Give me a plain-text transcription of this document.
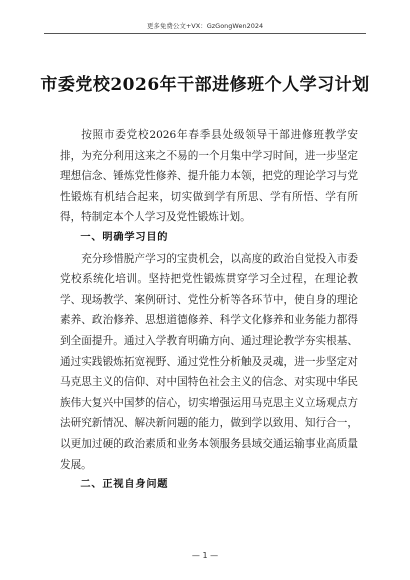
更多免费公文+VX：GzGongWen2024
市委党校2026年干部进修班个人学习计划

按照市委党校2026年春季县处级领导干部进修班教学安排，为充分利用这来之不易的一个月集中学习时间，进一步坚定理想信念、锤炼党性修养、提升能力本领，把党的理论学习与党性锻炼有机结合起来，切实做到学有所思、学有所悟、学有所得，特制定本个人学习及党性锻炼计划。

一、明确学习目的

充分珍惜脱产学习的宝贵机会，以高度的政治自觉投入市委党校系统化培训。坚持把党性锻炼贯穿学习全过程，在理论教学、现场教学、案例研讨、党性分析等各环节中，使自身的理论素养、政治修养、思想道德修养、科学文化修养和业务能力都得到全面提升。通过入学教育明确方向、通过理论教学夯实根基、通过实践锻炼拓宽视野、通过党性分析触及灵魂，进一步坚定对马克思主义的信仰、对中国特色社会主义的信念、对实现中华民族伟大复兴中国梦的信心，切实增强运用马克思主义立场观点方法研究新情况、解决新问题的能力，做到学以致用、知行合一，以更加过硬的政治素质和业务本领服务县域交通运输事业高质量发展。

二、正视自身问题

— 1 —
